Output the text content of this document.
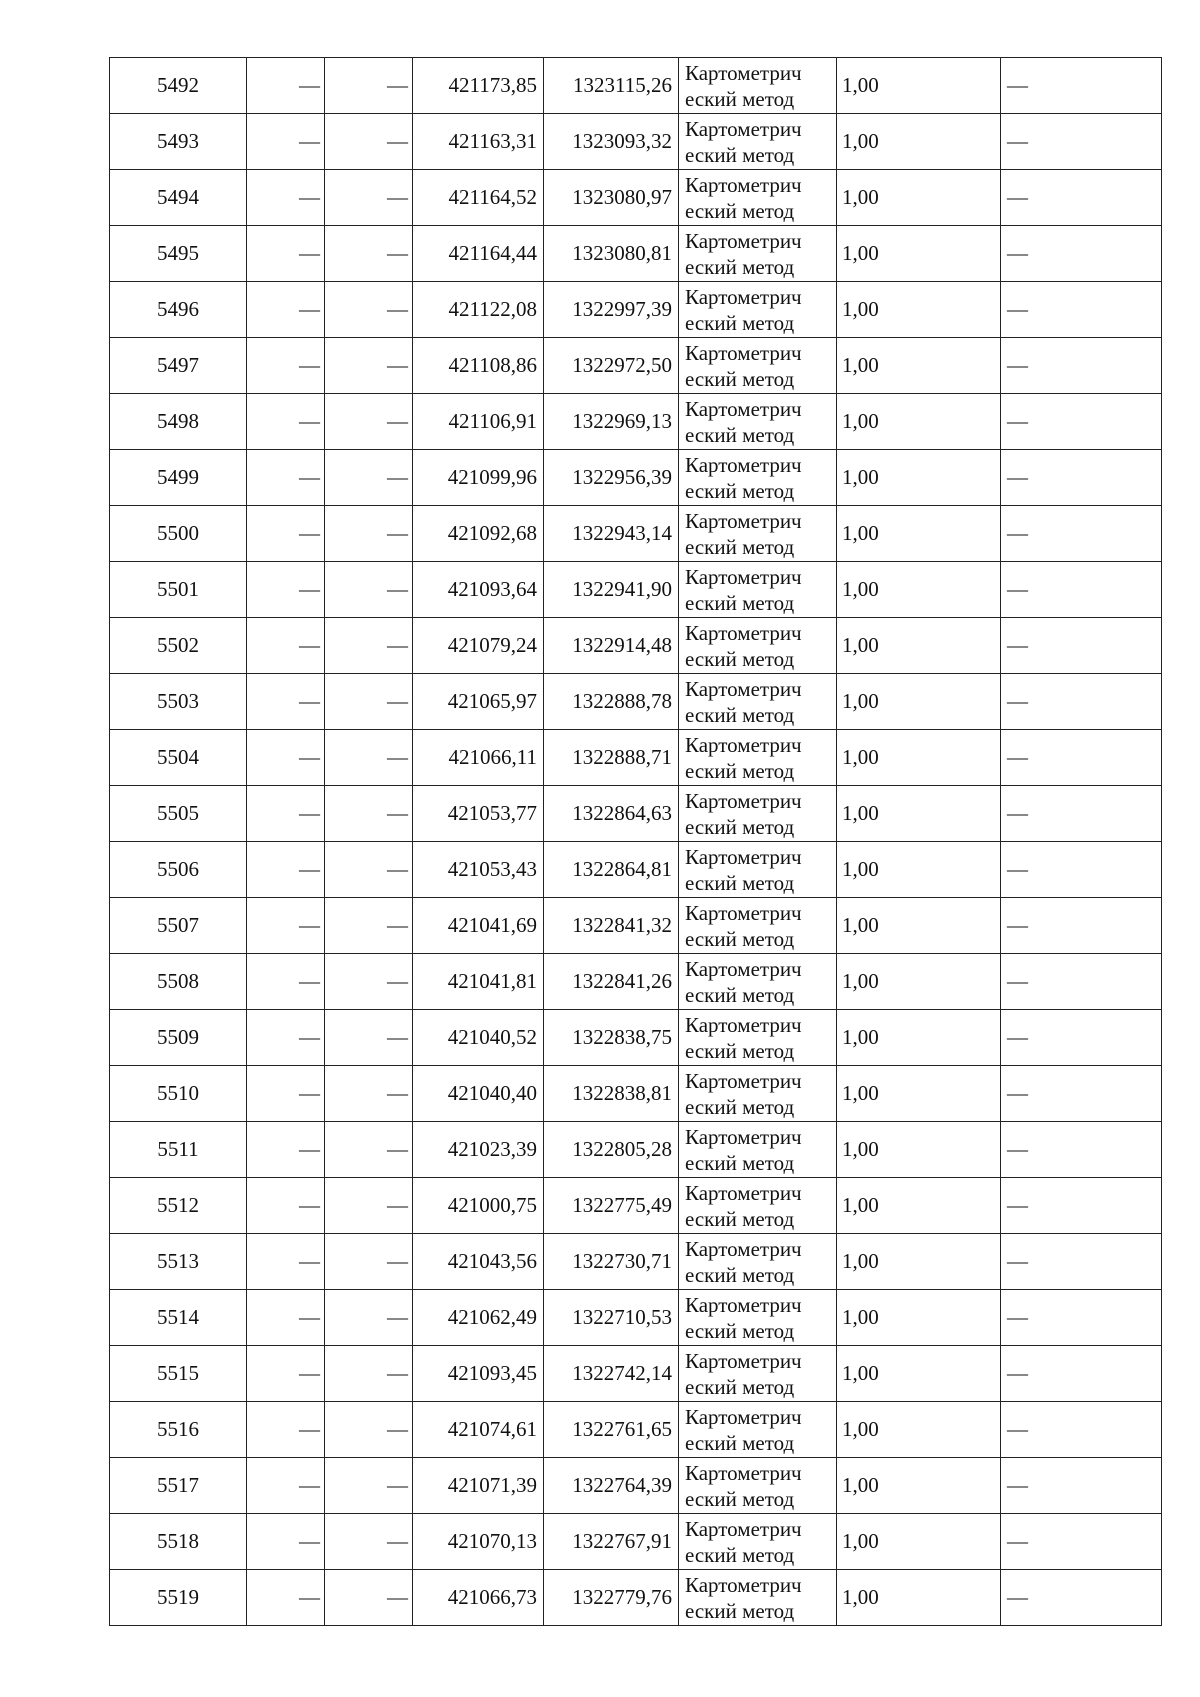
5492	—	—	421173,85	1323115,26	Картометрич
еский метод	1,00	—
5493	—	—	421163,31	1323093,32	Картометрич
еский метод	1,00	—
5494	—	—	421164,52	1323080,97	Картометрич
еский метод	1,00	—
5495	—	—	421164,44	1323080,81	Картометрич
еский метод	1,00	—
5496	—	—	421122,08	1322997,39	Картометрич
еский метод	1,00	—
5497	—	—	421108,86	1322972,50	Картометрич
еский метод	1,00	—
5498	—	—	421106,91	1322969,13	Картометрич
еский метод	1,00	—
5499	—	—	421099,96	1322956,39	Картометрич
еский метод	1,00	—
5500	—	—	421092,68	1322943,14	Картометрич
еский метод	1,00	—
5501	—	—	421093,64	1322941,90	Картометрич
еский метод	1,00	—
5502	—	—	421079,24	1322914,48	Картометрич
еский метод	1,00	—
5503	—	—	421065,97	1322888,78	Картометрич
еский метод	1,00	—
5504	—	—	421066,11	1322888,71	Картометрич
еский метод	1,00	—
5505	—	—	421053,77	1322864,63	Картометрич
еский метод	1,00	—
5506	—	—	421053,43	1322864,81	Картометрич
еский метод	1,00	—
5507	—	—	421041,69	1322841,32	Картометрич
еский метод	1,00	—
5508	—	—	421041,81	1322841,26	Картометрич
еский метод	1,00	—
5509	—	—	421040,52	1322838,75	Картометрич
еский метод	1,00	—
5510	—	—	421040,40	1322838,81	Картометрич
еский метод	1,00	—
5511	—	—	421023,39	1322805,28	Картометрич
еский метод	1,00	—
5512	—	—	421000,75	1322775,49	Картометрич
еский метод	1,00	—
5513	—	—	421043,56	1322730,71	Картометрич
еский метод	1,00	—
5514	—	—	421062,49	1322710,53	Картометрич
еский метод	1,00	—
5515	—	—	421093,45	1322742,14	Картометрич
еский метод	1,00	—
5516	—	—	421074,61	1322761,65	Картометрич
еский метод	1,00	—
5517	—	—	421071,39	1322764,39	Картометрич
еский метод	1,00	—
5518	—	—	421070,13	1322767,91	Картометрич
еский метод	1,00	—
5519	—	—	421066,73	1322779,76	Картометрич
еский метод	1,00	—
